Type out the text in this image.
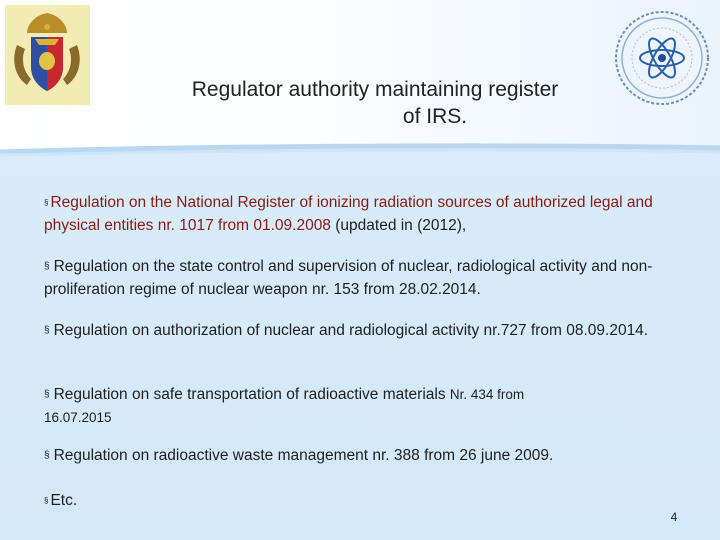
Regulator authority maintaining register
of IRS.
§ Regulation on the National Register of ionizing radiation sources of authorized legal and physical entities nr. 1017 from 01.09.2008 (updated in (2012),
§ Regulation on the state control and supervision of nuclear, radiological activity and non-proliferation regime of nuclear weapon nr. 153 from 28.02.2014.
§ Regulation on authorization of nuclear and radiological activity nr.727 from 08.09.2014.
§ Regulation on safe transportation of radioactive materials Nr. 434 from
16.07.2015
§ Regulation on radioactive waste management nr. 388 from 26 june 2009.
§ Etc.
4
